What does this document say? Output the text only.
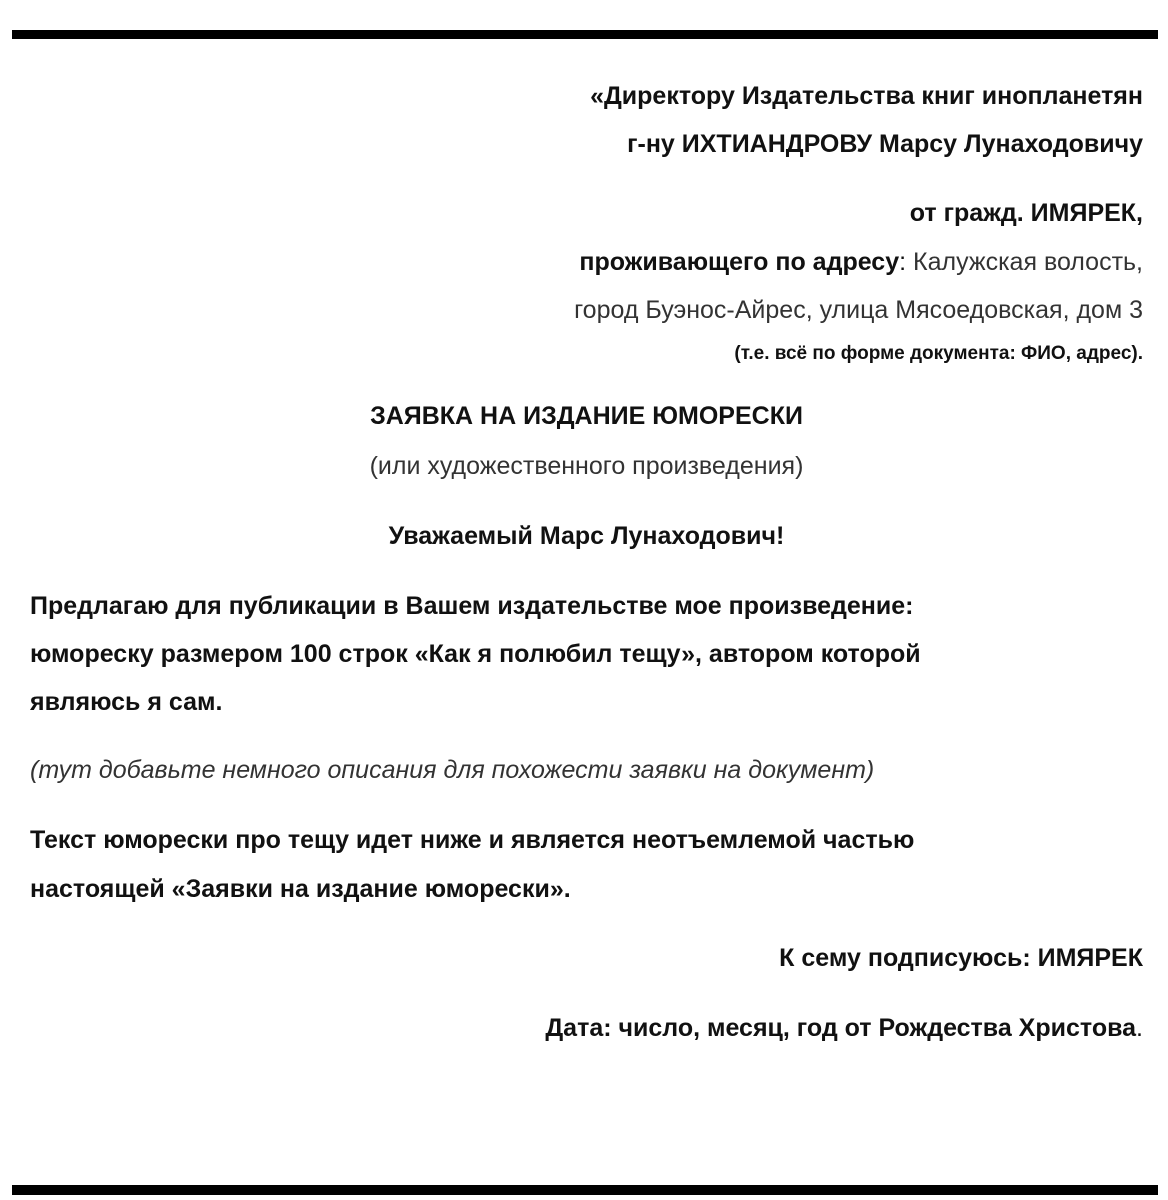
«Директору Издательства книг инопланетян
г-ну ИХТИАНДРОВУ Марсу Лунаходовичу
от гражд. ИМЯРЕК,
проживающего по адресу: Калужская волость,
город Буэнос-Айрес, улица Мясоедовская, дом 3
(т.е. всё по форме документа: ФИО, адрес).
ЗАЯВКА НА ИЗДАНИЕ ЮМОРЕСКИ
(или художественного произведения)
Уважаемый Марс Лунаходович!
Предлагаю для публикации в Вашем издательстве мое произведение:
юмореску размером 100 строк «Как я полюбил тещу», автором которой
являюсь я сам.
(тут добавьте немного описания для похожести заявки на документ)
Текст юморески про тещу идет ниже и является неотъемлемой частью
настоящей «Заявки на издание юморески».
К сему подписуюсь: ИМЯРЕК
Дата: число, месяц, год от Рождества Христова.
